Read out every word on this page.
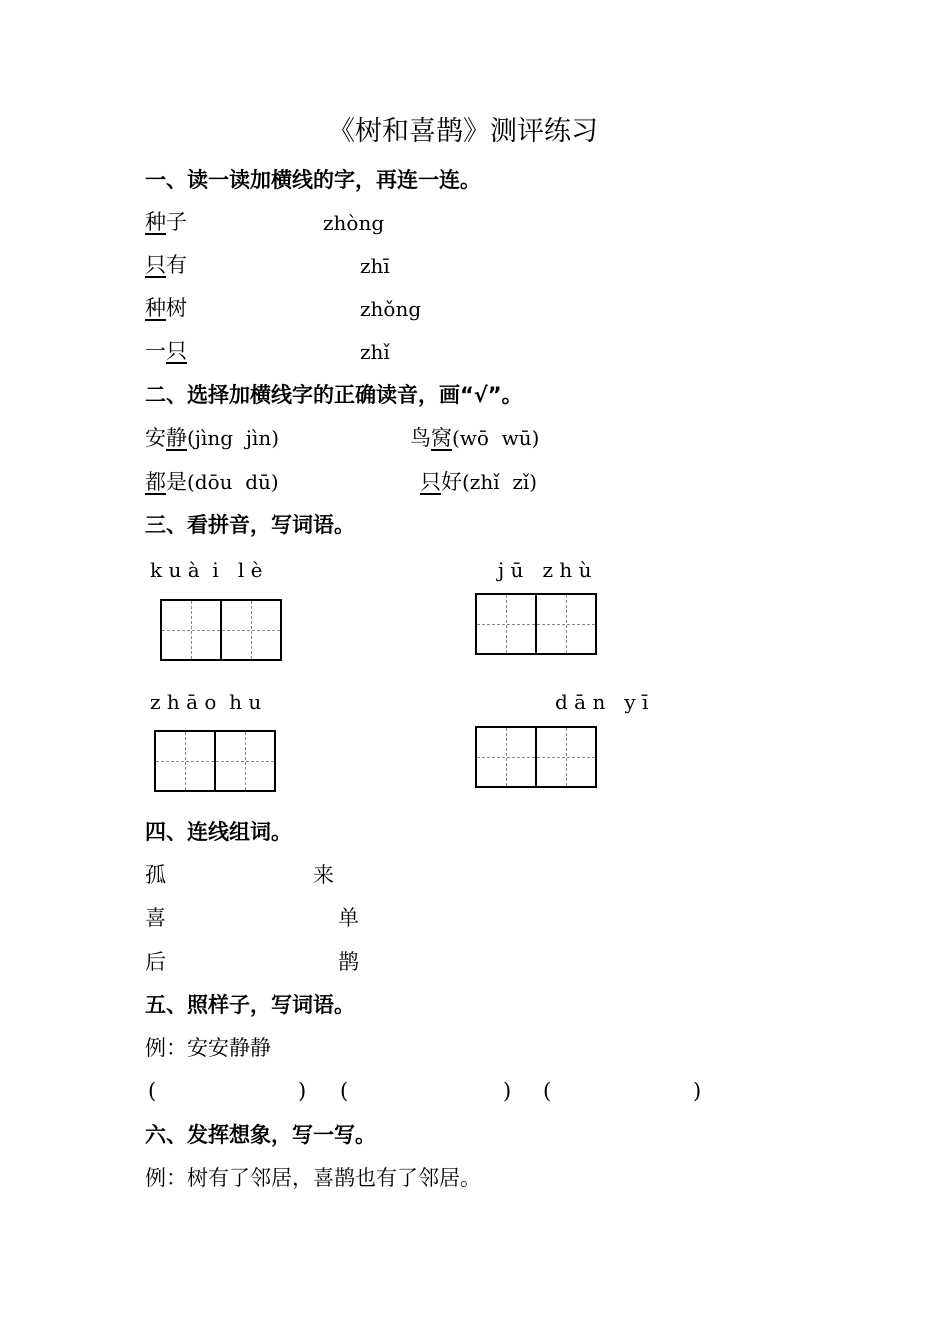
《树和喜鹊》测评练习
一、读一读加横线的字，再连一连。
种子	zhòng
只有	zhī
种树	zhǒng
一只	zhǐ
二、选择加横线字的正确读音，画“√”。
安静(jìng  jìn)	鸟窝(wō  wū)
都是(dōu  dū)	只好(zhǐ  zǐ)
三、看拼音，写词语。
k u à  i   l è	j ū   z h ù
z h ā o  h u	d ā n   y ī
四、连线组词。
孤	来
喜	单
后	鹊
五、照样子，写词语。
例：安安静静
(	) (	) (	)
六、发挥想象，写一写。
例：树有了邻居，喜鹊也有了邻居。
